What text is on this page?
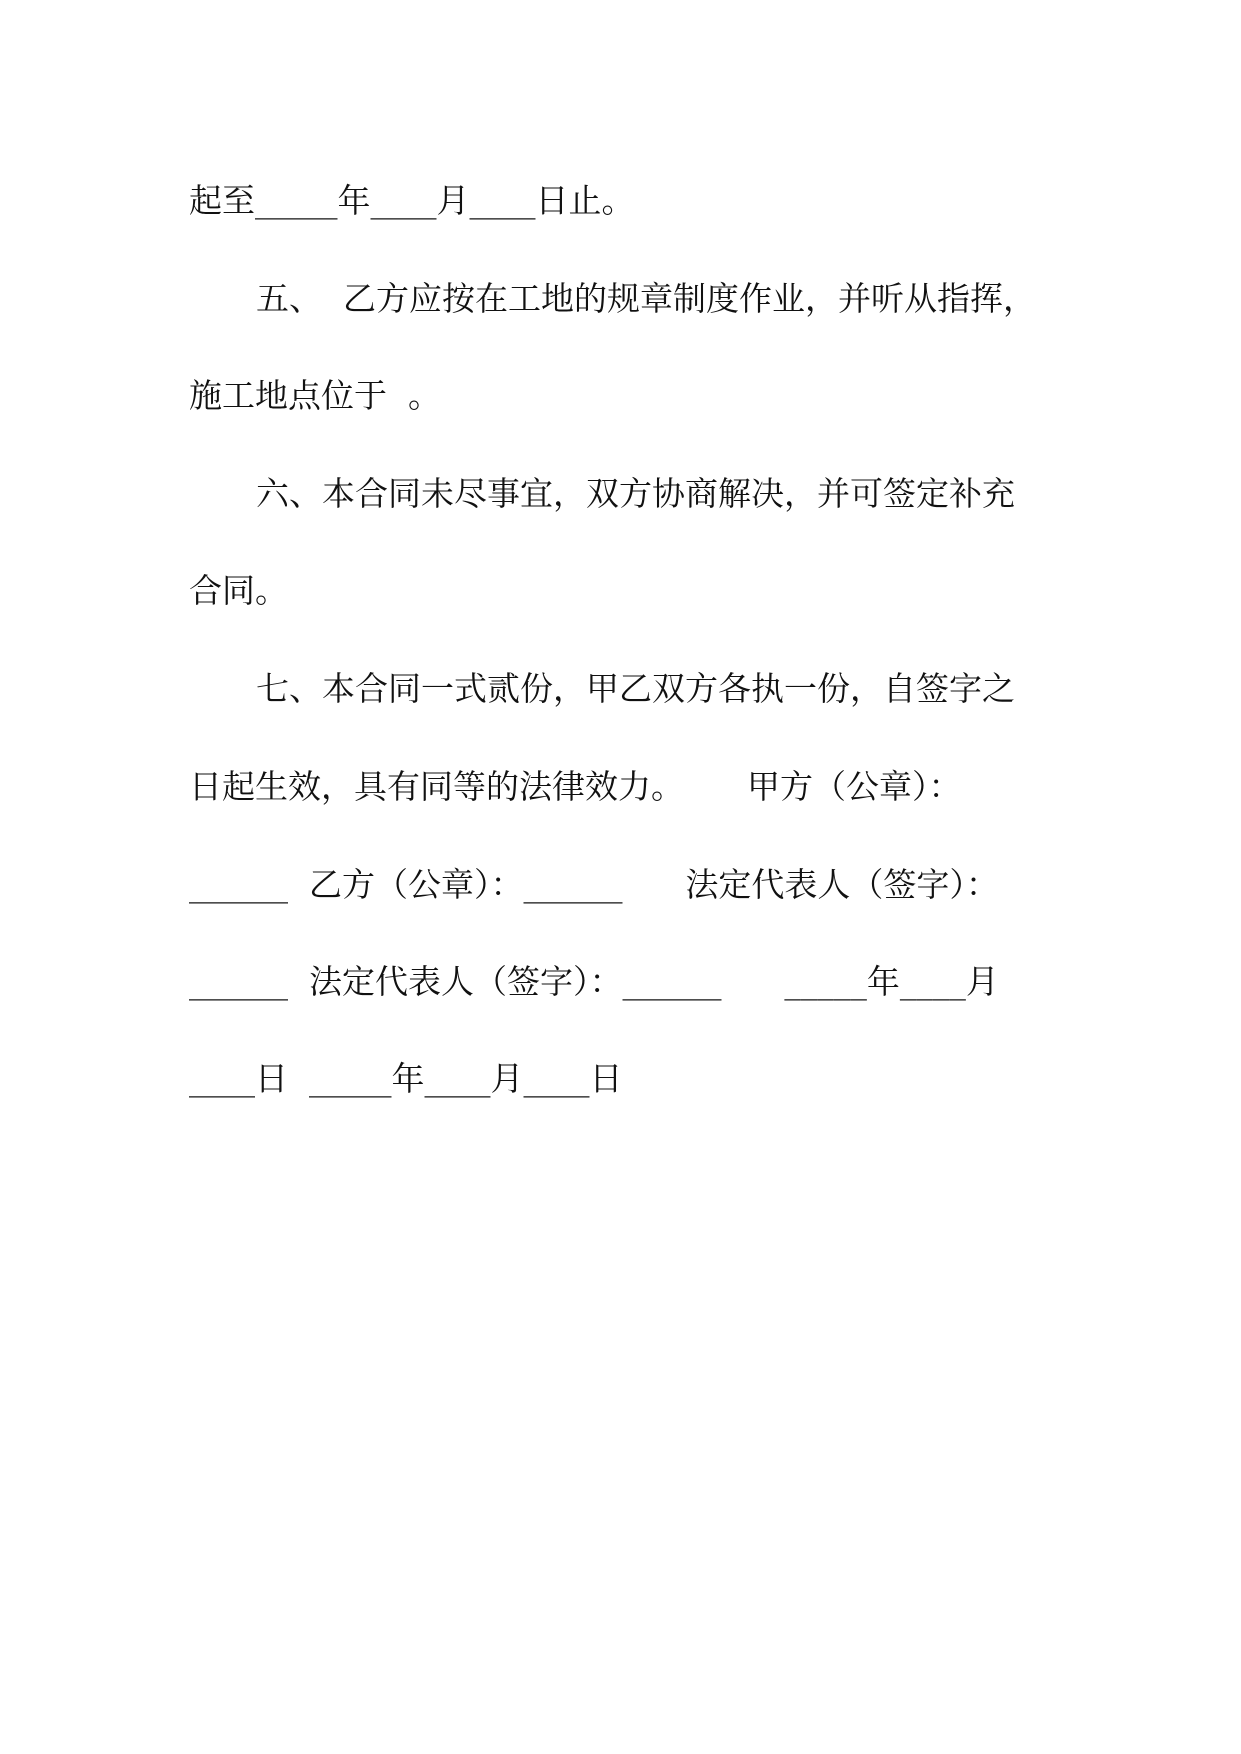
起至_____年____月____日止。
五、  乙方应按在工地的规章制度作业，并听从指挥，
施工地点位于  。
六、本合同未尽事宜，双方协商解决，并可签定补充
合同。
七、本合同一式贰份，甲乙双方各执一份，自签字之
日起生效，具有同等的法律效力。      甲方（公章）：
______  乙方（公章）：______      法定代表人（签字）：
______  法定代表人（签字）：______      _____年____月
____日  _____年____月____日
